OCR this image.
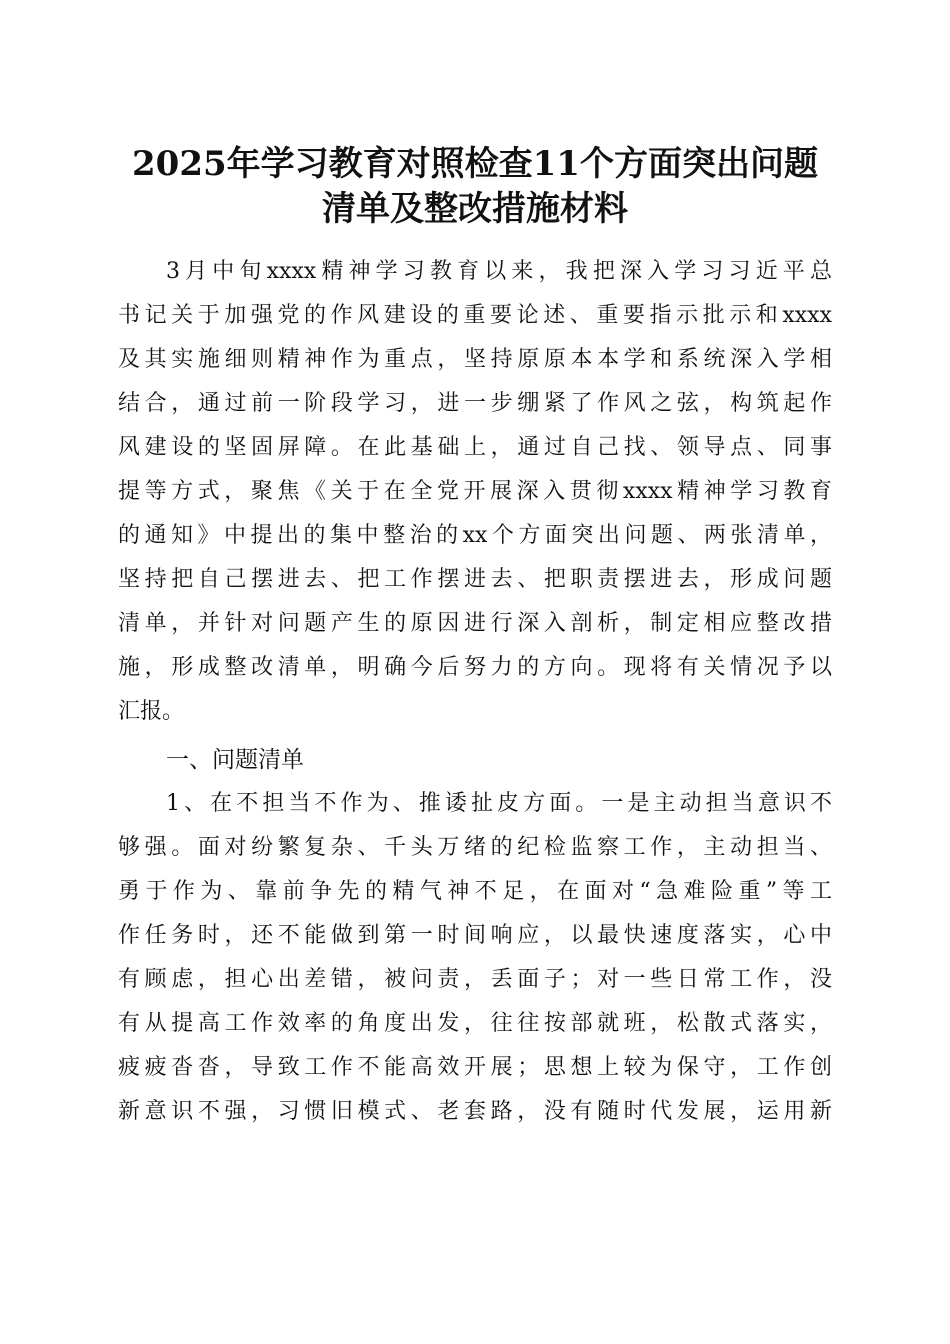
2025年学习教育对照检查11个方面突出问题
清单及整改措施材料
3月中旬xxxx精神学习教育以来，我把深入学习习近平总
书记关于加强党的作风建设的重要论述、重要指示批示和xxxx
及其实施细则精神作为重点，坚持原原本本学和系统深入学相
结合，通过前一阶段学习，进一步绷紧了作风之弦，构筑起作
风建设的坚固屏障。在此基础上，通过自己找、领导点、同事
提等方式，聚焦《关于在全党开展深入贯彻xxxx精神学习教育
的通知》中提出的集中整治的xx个方面突出问题、两张清单，
坚持把自己摆进去、把工作摆进去、把职责摆进去，形成问题
清单，并针对问题产生的原因进行深入剖析，制定相应整改措
施，形成整改清单，明确今后努力的方向。现将有关情况予以
汇报。
一、问题清单
1、在不担当不作为、推诿扯皮方面。一是主动担当意识不
够强。面对纷繁复杂、千头万绪的纪检监察工作，主动担当、
勇于作为、靠前争先的精气神不足，在面对“急难险重”等工
作任务时，还不能做到第一时间响应，以最快速度落实，心中
有顾虑，担心出差错，被问责，丢面子；对一些日常工作，没
有从提高工作效率的角度出发，往往按部就班，松散式落实，
疲疲沓沓，导致工作不能高效开展；思想上较为保守，工作创
新意识不强，习惯旧模式、老套路，没有随时代发展，运用新
